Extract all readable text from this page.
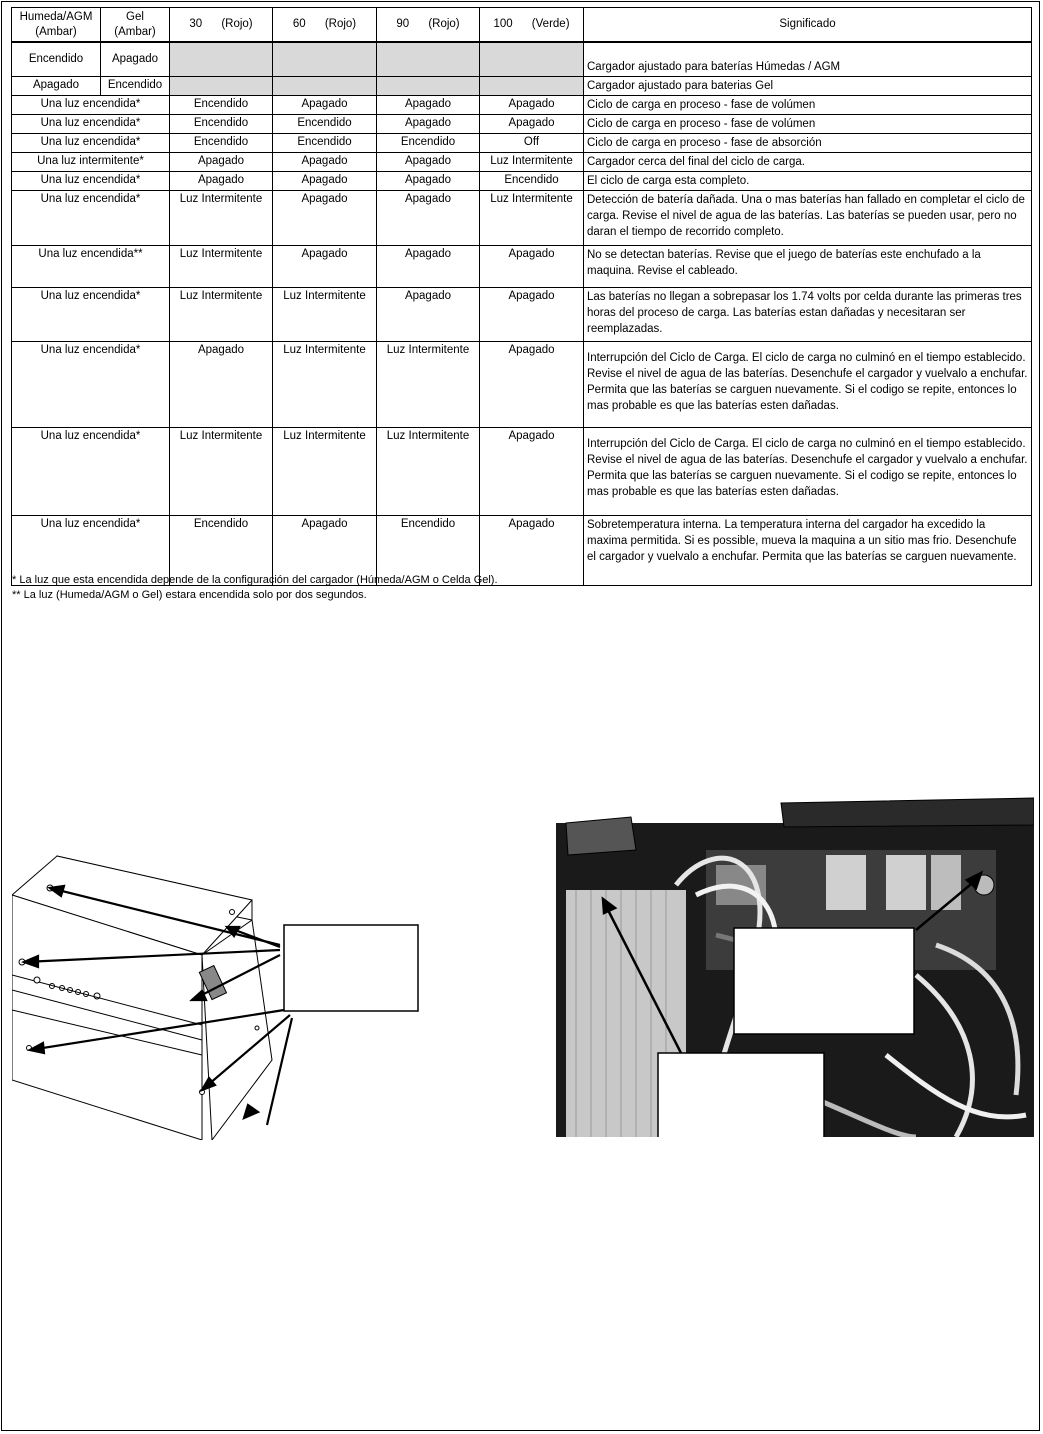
Humeda/AGM (Ambar)	Gel (Ambar)	30      (Rojo)	60      (Rojo)	90      (Rojo)	100      (Verde)	Significado
Encendido	Apagado					Cargador ajustado para baterías Húmedas / AGM
Apagado	Encendido					Cargador ajustado para baterias Gel
Una luz encendida*		Encendido	Apagado	Apagado	Apagado	Ciclo de carga en proceso - fase de volúmen
Una luz encendida*		Encendido	Encendido	Apagado	Apagado	Ciclo de carga en proceso - fase de volúmen
Una luz encendida*		Encendido	Encendido	Encendido	Off	Ciclo de carga en proceso - fase de absorción
Una luz intermitente*		Apagado	Apagado	Apagado	Luz Intermitente	Cargador cerca del final del ciclo de carga.
Una luz encendida*		Apagado	Apagado	Apagado	Encendido	El ciclo de carga esta completo.
Una luz encendida*		Luz Intermitente	Apagado	Apagado	Luz Intermitente	Detección de batería dañada. Una o mas baterías han fallado en completar el ciclo de carga. Revise el nivel de agua de las baterías. Las baterías se pueden usar, pero no daran el tiempo de recorrido completo.
Una luz encendida**		Luz Intermitente	Apagado	Apagado	Apagado	No se detectan baterías. Revise que el juego de baterías este enchufado a la maquina. Revise el cableado.
Una luz encendida*		Luz Intermitente	Luz Intermitente	Apagado	Apagado	Las baterías no llegan a sobrepasar los 1.74 volts por celda durante las primeras tres horas del proceso de carga. Las baterías estan dañadas y necesitaran ser reemplazadas.
Una luz encendida*		Apagado	Luz Intermitente	Luz Intermitente	Apagado	Interrupción del Ciclo de Carga. El ciclo de carga no culminó en el tiempo establecido. Revise el nivel de agua de las baterías. Desenchufe el cargador y vuelvalo a enchufar. Permita que las baterías se carguen nuevamente. Si el codigo se repite, entonces lo mas probable es que las baterías esten dañadas.
Una luz encendida*		Luz Intermitente	Luz Intermitente	Luz Intermitente	Apagado	Interrupción del Ciclo de Carga. El ciclo de carga no culminó en el tiempo establecido. Revise el nivel de agua de las baterías. Desenchufe el cargador y vuelvalo a enchufar. Permita que las baterías se carguen nuevamente. Si el codigo se repite, entonces lo mas probable es que las baterías esten dañadas.
Una luz encendida*		Encendido	Apagado	Encendido	Apagado	Sobretemperatura interna. La temperatura interna del cargador ha excedido la maxima permitida. Si es possible, mueva la maquina a un sitio mas frio. Desenchufe el cargador y vuelvalo a enchufar. Permita que las baterías se carguen nuevamente.
* La luz que esta encendida depende de la configuración del cargador (Húmeda/AGM o Celda Gel).
** La luz (Humeda/AGM o Gel) estara encendida solo por dos segundos.
